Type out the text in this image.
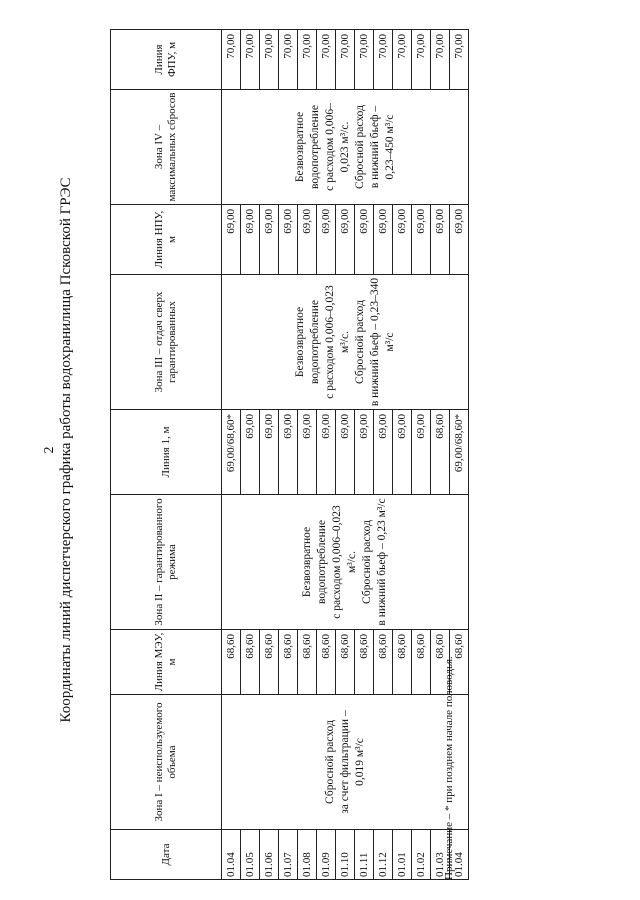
2 Координаты линий диспетчерского графика работы водохранилища Псковской ГРЭС
Дата	Зона I – неиспользуемого объема	Линия МЭУ, м	Зона II – гарантированного режима	Линия 1, м	Зона III – отдач сверх гарантированных	Линия НПУ, м	Зона IV – максимальных сбросов	Линия ФПУ, м
01.04	Сбросной расход за счет фильтрации – 0,019 м³/с	68,60	Безвозвратное водопотребление с расходом 0,006–0,023 м³/с. Сбросной расход в нижний бьеф – 0,23 м³/с	69,00/68,60*	Безвозвратное водопотребление с расходом 0,006–0,023 м³/с. Сбросной расход в нижний бьеф – 0,23–340 м³/с	69,00	Безвозвратное водопотребление с расходом 0,006–0,023 м³/с. Сбросной расход в нижний бьеф – 0,23–450 м³/с	70,00
01.05		68,60		69,00		69,00		70,00
01.06		68,60		69,00		69,00		70,00
01.07		68,60		69,00		69,00		70,00
01.08		68,60		69,00		69,00		70,00
01.09		68,60		69,00		69,00		70,00
01.10		68,60		69,00		69,00		70,00
01.11		68,60		69,00		69,00		70,00
01.12		68,60		69,00		69,00		70,00
01.01		68,60		69,00		69,00		70,00
01.02		68,60		69,00		69,00		70,00
01.03		68,60		68,60		69,00		70,00
01.04		68,60		69,00/68,60*		69,00		70,00
Примечание – * при позднем начале половодья.
